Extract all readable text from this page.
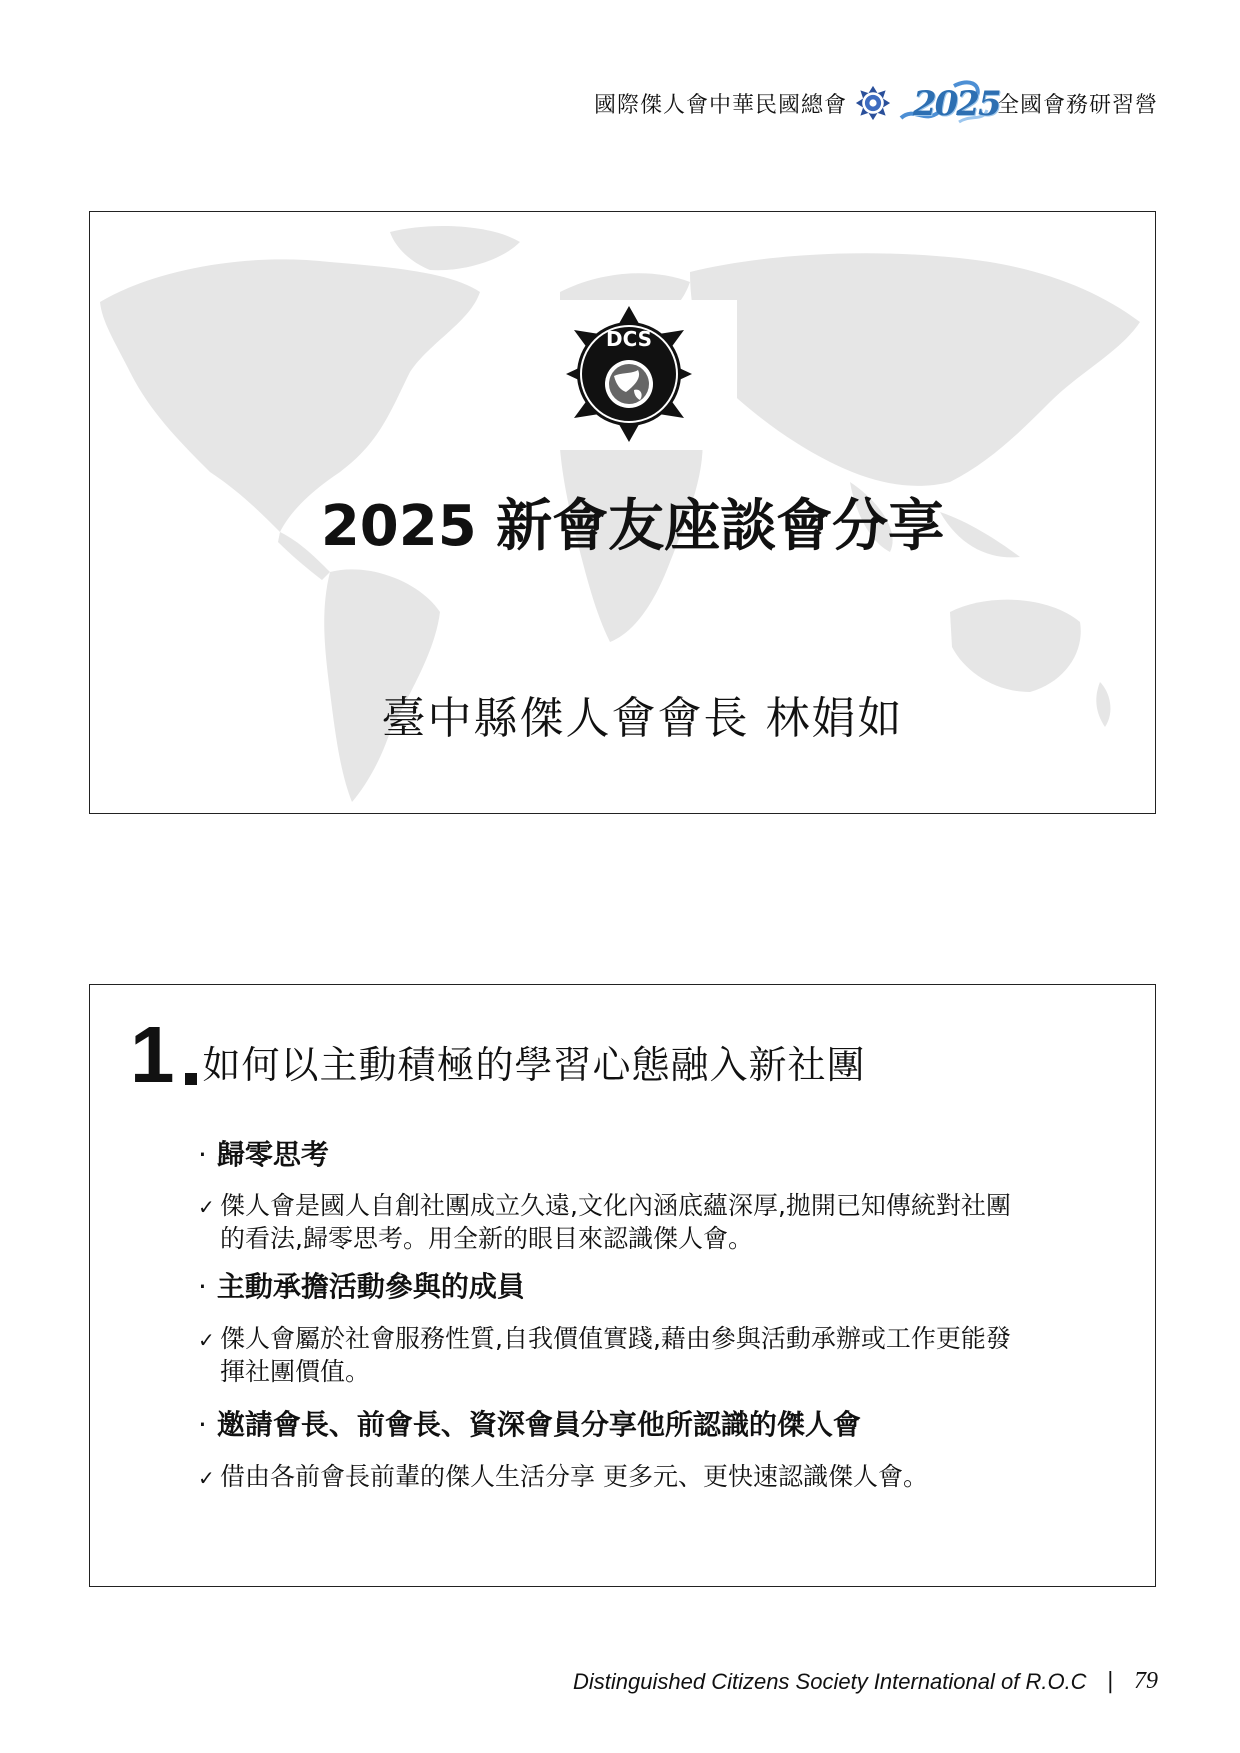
國際傑人會中華民國總會 2025
全國會務研習營
DCS
2025 新會友座談會分享
臺中縣傑人會會長 林娟如
1 如何以主動積極的學習心態融入新社團
· 歸零思考
✓ 傑人會是國人自創社團成立久遠,文化內涵底蘊深厚,拋開已知傳統對社團
的看法,歸零思考。用全新的眼目來認識傑人會。
· 主動承擔活動參與的成員
✓ 傑人會屬於社會服務性質,自我價值實踐,藉由參與活動承辦或工作更能發
揮社團價值。
· 邀請會長、前會長、資深會員分享他所認識的傑人會
✓ 借由各前會長前輩的傑人生活分享 更多元、更快速認識傑人會。
Distinguished Citizens Society International of R.O.C | 79
